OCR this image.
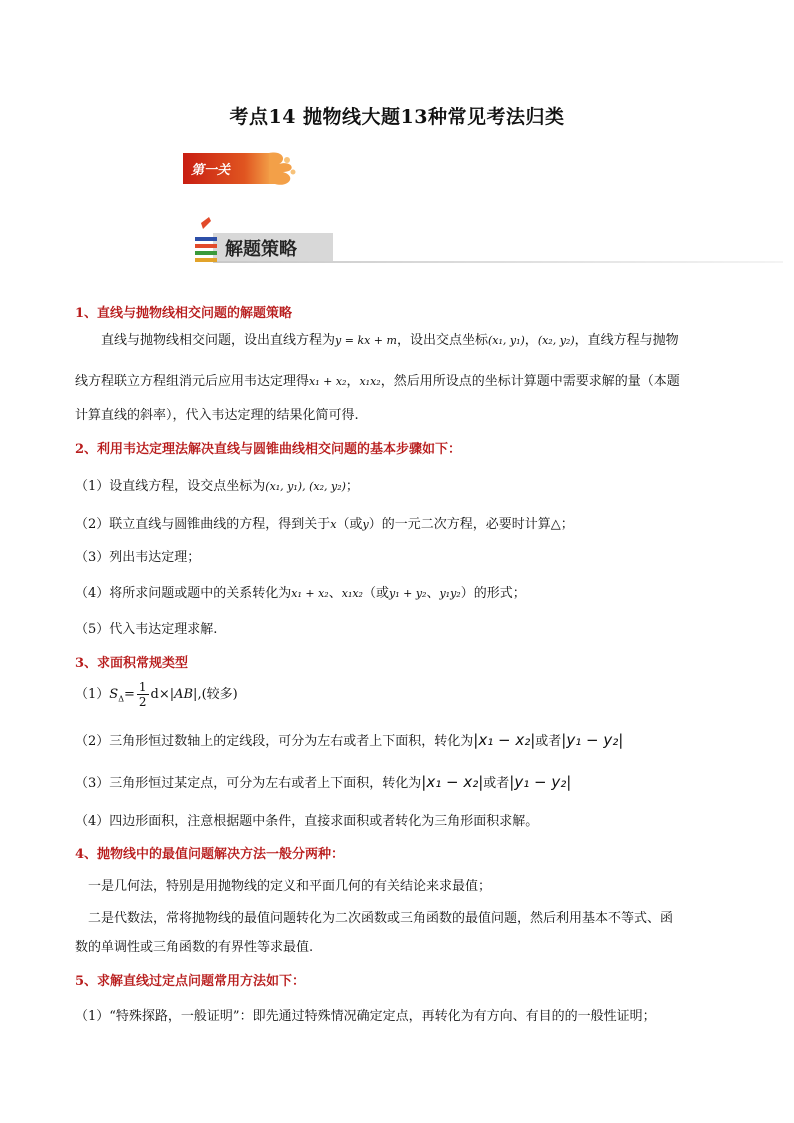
考点14 抛物线大题13种常见考法归类
第一关
解题策略
1、直线与抛物线相交问题的解题策略
直线与抛物线相交问题，设出直线方程为y = kx + m，设出交点坐标(x₁, y₁)，(x₂, y₂)，直线方程与抛物
线方程联立方程组消元后应用韦达定理得x₁ + x₂，x₁x₂，然后用所设点的坐标计算题中需要求解的量（本题
计算直线的斜率），代入韦达定理的结果化简可得.
2、利用韦达定理法解决直线与圆锥曲线相交问题的基本步骤如下：
（1）设直线方程，设交点坐标为(x₁, y₁), (x₂, y₂)；
（2）联立直线与圆锥曲线的方程，得到关于x（或y）的一元二次方程，必要时计算△；
（3）列出韦达定理；
（4）将所求问题或题中的关系转化为x₁ + x₂、x₁x₂（或y₁ + y₂、y₁y₂）的形式；
（5）代入韦达定理求解.
3、求面积常规类型
$(1)S_\Delta= \frac{1}{2} d\times|AB|$,(较多)
（2）三角形恒过数轴上的定线段，可分为左右或者上下面积，转化为|x₁ − x₂|或者|y₁ − y₂|
（3）三角形恒过某定点，可分为左右或者上下面积，转化为|x₁ − x₂|或者|y₁ − y₂|
（4）四边形面积，注意根据题中条件，直接求面积或者转化为三角形面积求解。
4、抛物线中的最值问题解决方法一般分两种：
一是几何法，特别是用抛物线的定义和平面几何的有关结论来求最值；
二是代数法，常将抛物线的最值问题转化为二次函数或三角函数的最值问题，然后利用基本不等式、函
数的单调性或三角函数的有界性等求最值.
5、求解直线过定点问题常用方法如下：
（1）“特殊探路，一般证明”：即先通过特殊情况确定定点，再转化为有方向、有目的的一般性证明；
